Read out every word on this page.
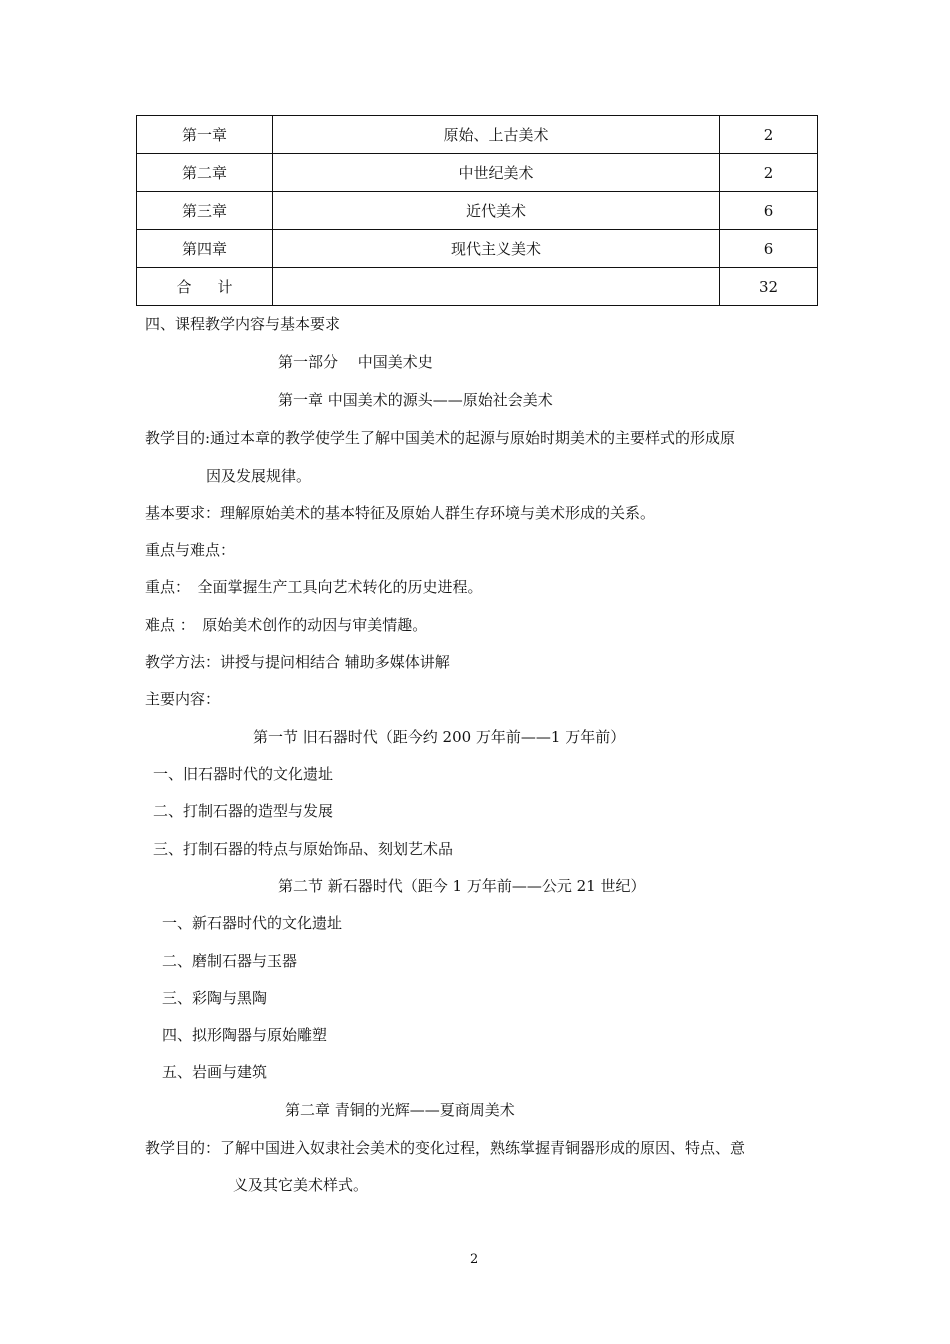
第一章	原始、上古美术	2
第二章	中世纪美术	2
第三章	近代美术	6
第四章	现代主义美术	6
合计		32
四、课程教学内容与基本要求
第一部分　 中国美术史
第一章 中国美术的源头——原始社会美术
教学目的:通过本章的教学使学生了解中国美术的起源与原始时期美术的主要样式的形成原
因及发展规律。
基本要求：理解原始美术的基本特征及原始人群生存环境与美术形成的关系。
重点与难点：
重点：　全面掌握生产工具向艺术转化的历史进程。
难点 ：　原始美术创作的动因与审美情趣。
教学方法：讲授与提问相结合 辅助多媒体讲解
主要内容：
第一节 旧石器时代（距今约 200 万年前——1 万年前）
一、旧石器时代的文化遗址
二、打制石器的造型与发展
三、打制石器的特点与原始饰品、刻划艺术品
第二节 新石器时代（距今 1 万年前——公元 21 世纪）
一、新石器时代的文化遗址
二、磨制石器与玉器
三、彩陶与黑陶
四、拟形陶器与原始雕塑
五、岩画与建筑
第二章 青铜的光辉——夏商周美术
教学目的：了解中国进入奴隶社会美术的变化过程，熟练掌握青铜器形成的原因、特点、意
义及其它美术样式。
2
